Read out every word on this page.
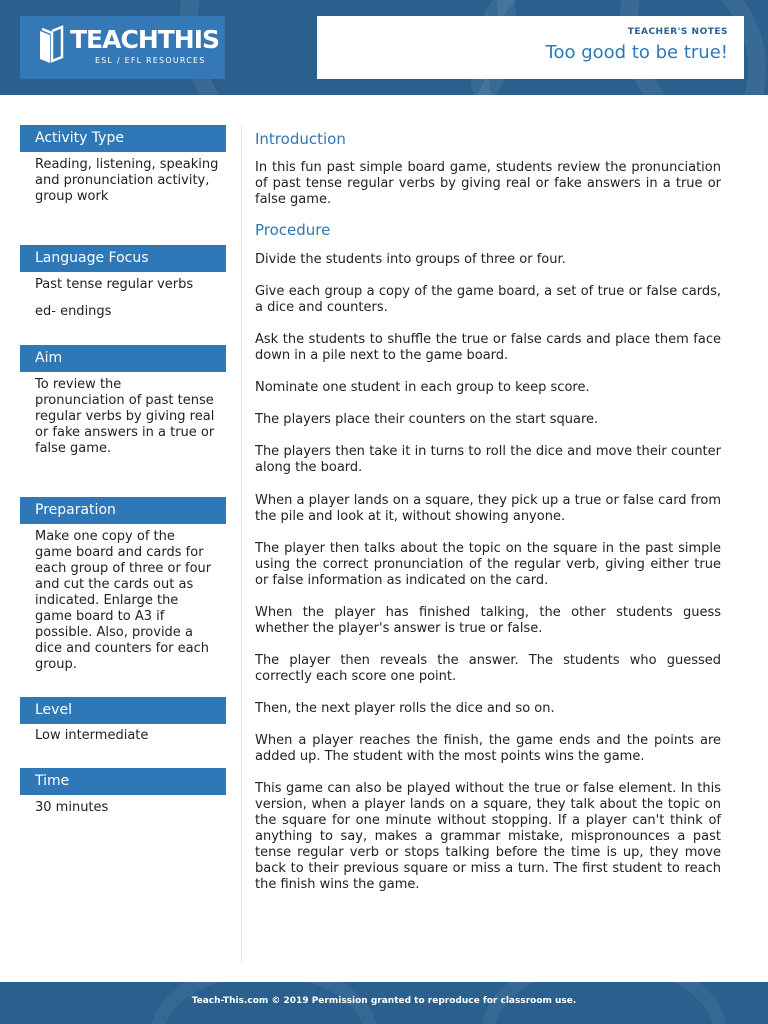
TEACHTHIS
ESL / EFL RESOURCES
TEACHER'S NOTES
Too good to be true!
Activity Type
Reading, listening, speaking and pronunciation activity, group work
Language Focus
Past tense regular verbs
ed- endings
Aim
To review the pronunciation of past tense regular verbs by giving real or fake answers in a true or false game.
Preparation
Make one copy of the game board and cards for each group of three or four and cut the cards out as indicated. Enlarge the game board to A3 if possible. Also, provide a dice and counters for each group.
Level
Low intermediate
Time
30 minutes
Introduction
In this fun past simple board game, students review the pronunciation of past tense regular verbs by giving real or fake answers in a true or false game.
Procedure
Divide the students into groups of three or four.
Give each group a copy of the game board, a set of true or false cards, a dice and counters.
Ask the students to shuffle the true or false cards and place them face down in a pile next to the game board.
Nominate one student in each group to keep score.
The players place their counters on the start square.
The players then take it in turns to roll the dice and move their counter along the board.
When a player lands on a square, they pick up a true or false card from the pile and look at it, without showing anyone.
The player then talks about the topic on the square in the past simple using the correct pronunciation of the regular verb, giving either true or false information as indicated on the card.
When the player has finished talking, the other students guess whether the player's answer is true or false.
The player then reveals the answer. The students who guessed correctly each score one point.
Then, the next player rolls the dice and so on.
When a player reaches the finish, the game ends and the points are added up. The student with the most points wins the game.
This game can also be played without the true or false element. In this version, when a player lands on a square, they talk about the topic on the square for one minute without stopping. If a player can't think of anything to say, makes a grammar mistake, mispronounces a past tense regular verb or stops talking before the time is up, they move back to their previous square or miss a turn. The first student to reach the finish wins the game.
Teach-This.com © 2019 Permission granted to reproduce for classroom use.
